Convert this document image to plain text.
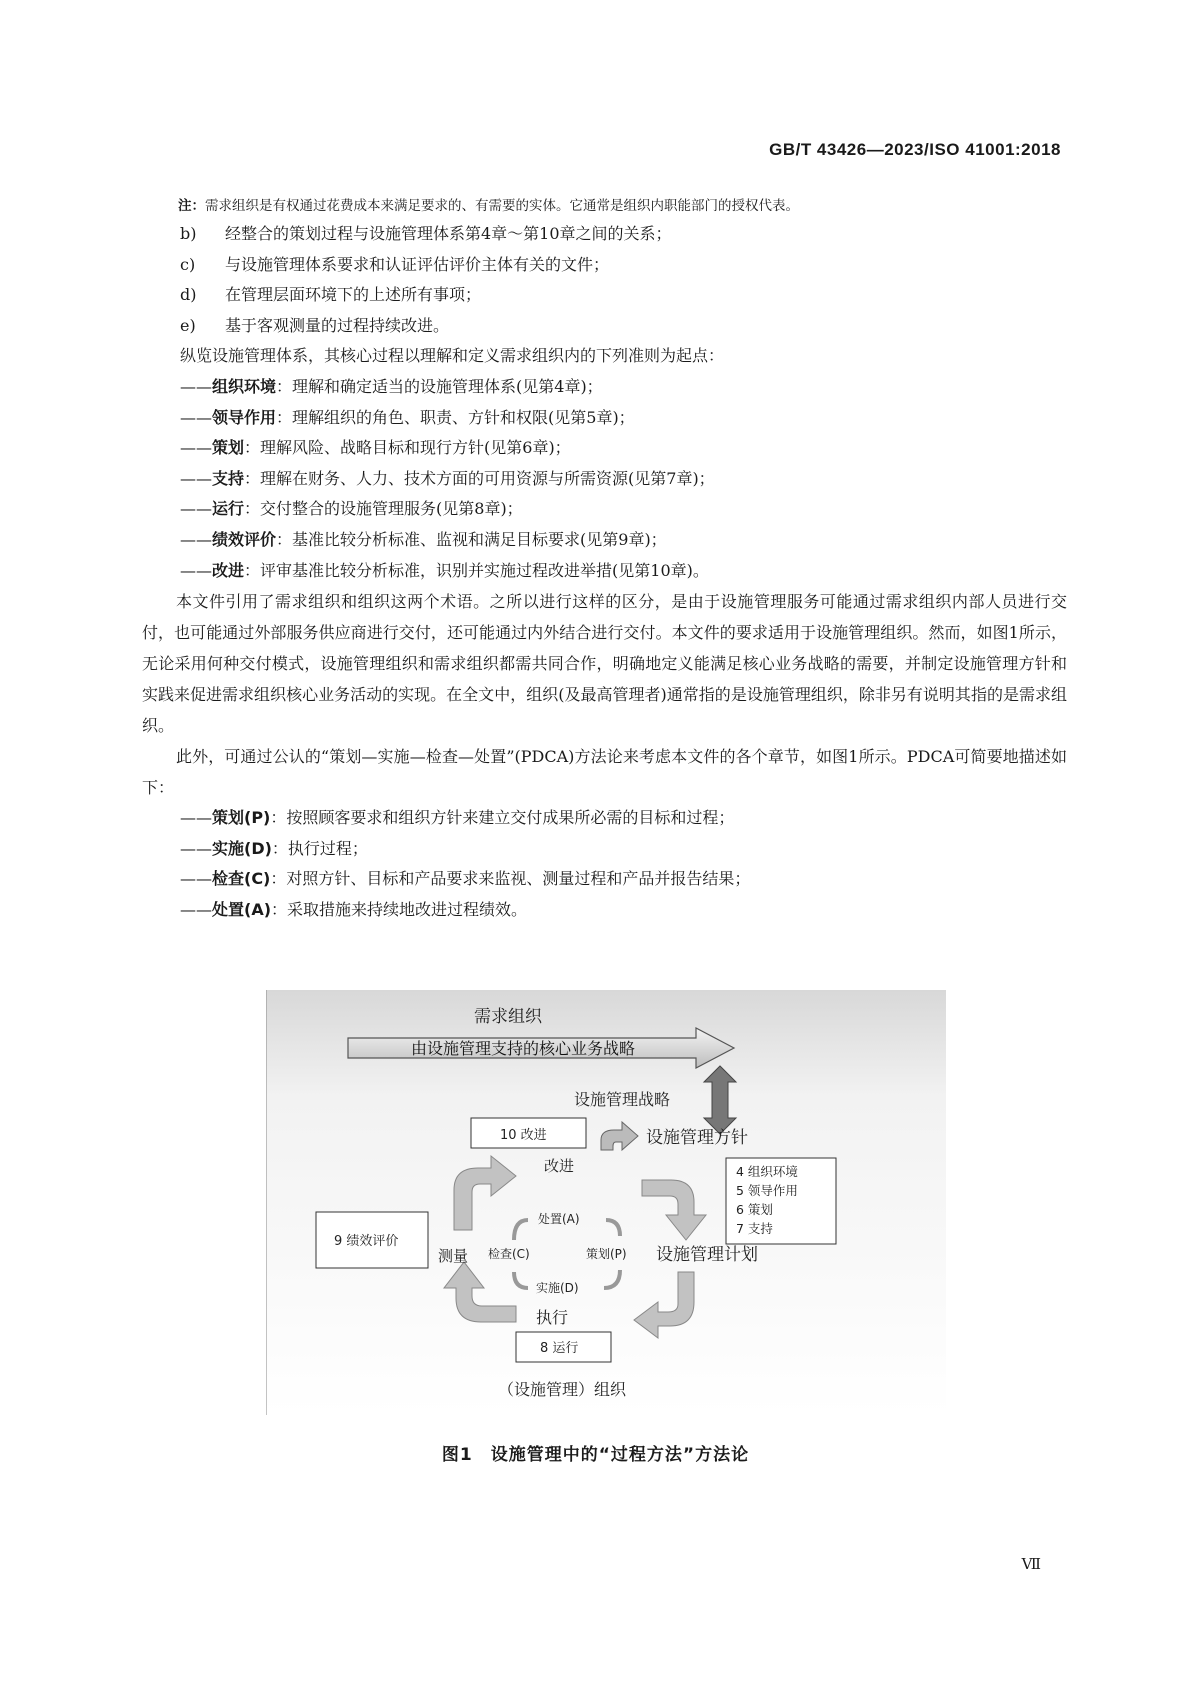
GB/T 43426—2023/ISO 41001:2018
注：需求组织是有权通过花费成本来满足要求的、有需要的实体。它通常是组织内职能部门的授权代表。
b) 经整合的策划过程与设施管理体系第4章～第10章之间的关系；
c) 与设施管理体系要求和认证评估评价主体有关的文件；
d) 在管理层面环境下的上述所有事项；
e) 基于客观测量的过程持续改进。
纵览设施管理体系，其核心过程以理解和定义需求组织内的下列准则为起点：
——组织环境：理解和确定适当的设施管理体系(见第4章)；
——领导作用：理解组织的角色、职责、方针和权限(见第5章)；
——策划：理解风险、战略目标和现行方针(见第6章)；
——支持：理解在财务、人力、技术方面的可用资源与所需资源(见第7章)；
——运行：交付整合的设施管理服务(见第8章)；
——绩效评价：基准比较分析标准、监视和满足目标要求(见第9章)；
——改进：评审基准比较分析标准，识别并实施过程改进举措(见第10章)。

本文件引用了需求组织和组织这两个术语。之所以进行这样的区分，是由于设施管理服务可能通过需求组织内部人员进行交付，也可能通过外部服务供应商进行交付，还可能通过内外结合进行交付。本文件的要求适用于设施管理组织。然而，如图1所示，无论采用何种交付模式，设施管理组织和需求组织都需共同合作，明确地定义能满足核心业务战略的需要，并制定设施管理方针和实践来促进需求组织核心业务活动的实现。在全文中，组织(及最高管理者)通常指的是设施管理组织，除非另有说明其指的是需求组织。

此外，可通过公认的“策划—实施—检查—处置”(PDCA)方法论来考虑本文件的各个章节，如图1所示。PDCA可简要地描述如下：

——策划(P)：按照顾客要求和组织方针来建立交付成果所必需的目标和过程；
——实施(D)：执行过程；
——检查(C)：对照方针、目标和产品要求来监视、测量过程和产品并报告结果；
——处置(A)：采取措施来持续地改进过程绩效。
需求组织
由设施管理支持的核心业务战略
设施管理战略
10 改进	设施管理方针
改进	4 组织环境
5 领导作用
6 策划
7 支持
9 绩效评价
设施管理计划
测量
处置(A)
检查(C)	策划(P)
实施(D)
执行
8 运行
（设施管理）组织
图1　设施管理中的“过程方法”方法论
Ⅶ
